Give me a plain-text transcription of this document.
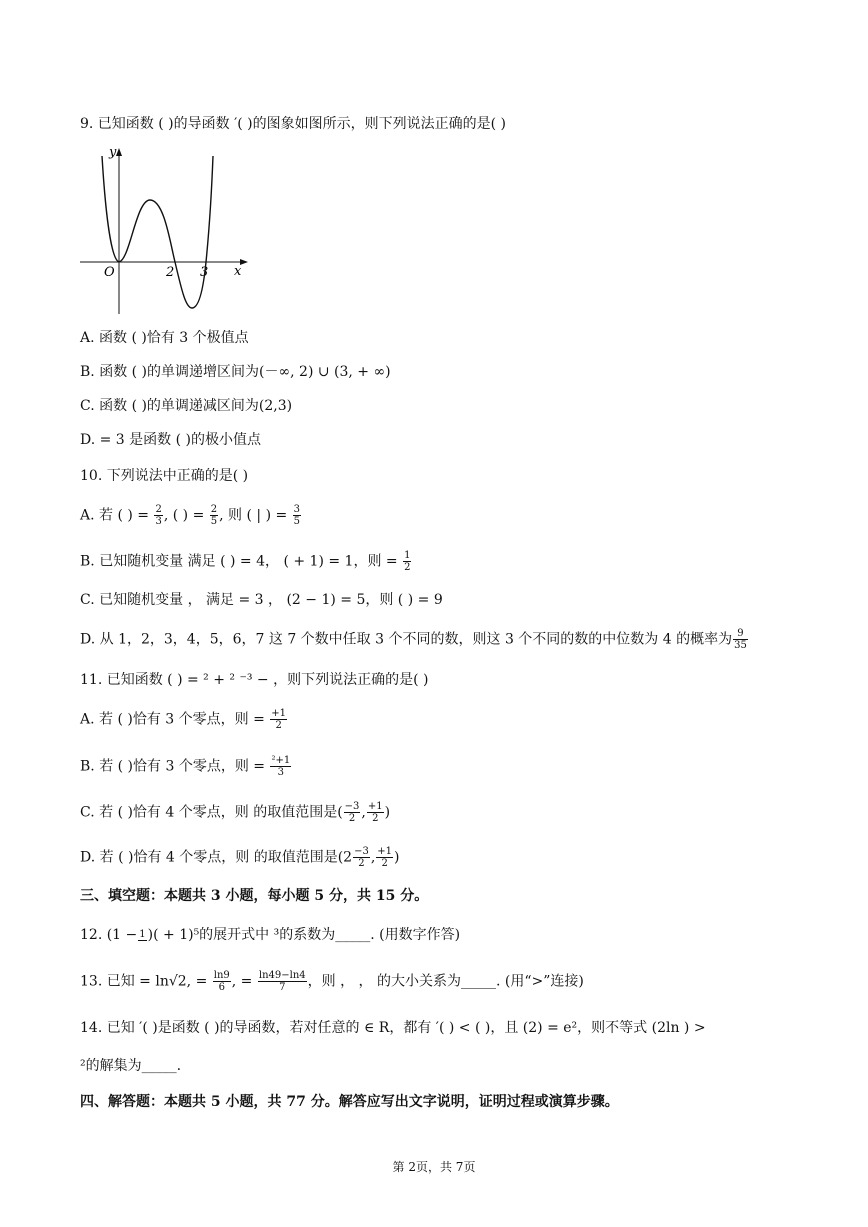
9. 已知函数 ( )的导函数 ′( )的图象如图所示，则下列说法正确的是( )
y
x
O	2 3
A. 函数 ( )恰有 3 个极值点
B. 函数 ( )的单调递增区间为(－∞, 2) ∪ (3, + ∞)
C. 函数 ( )的单调递减区间为(2,3)
D. = 3 是函数 ( )的极小值点
10. 下列说法中正确的是( )
A. 若 ( ) = $\frac{2}{3}$ , ( ) = $\frac{2}{5}$ , 则 ( | ) = $\frac{3}{5}$
B. 已知随机变量 满足 ( ) = 4， ( + 1) = 1，则 = $\frac{1}{2}$
C. 已知随机变量 ， 满足 = 3 ， (2 − 1) = 5，则 ( ) = 9
D. 从 1，2，3，4，5，6，7 这 7 个数中任取 3 个不同的数，则这 3 个不同的数的中位数为 4 的概率为 $\frac{9}{35}$
11. 已知函数 ( ) = ² + ² ⁻³ − ，则下列说法正确的是( )
A. 若 ( )恰有 3 个零点，则 = $\frac{+1}{2}$
B. 若 ( )恰有 3 个零点，则 = $\frac{\text{²+1}}{3}$
C. 若 ( )恰有 4 个零点，则 的取值范围是( $\frac{-3}{2}$ , $\frac{+1}{2}$ )
D. 若 ( )恰有 4 个零点，则 的取值范围是($2 \frac{-3}{2}$ , $\frac{+1}{2}$ )
三、填空题：本题共 3 小题，每小题 5 分，共 15 分。
12. (1 − 1 )( + 1)⁵的展开式中 ³的系数为_____. (用数字作答)
13. 已知 = ln√2, = $\frac{\ln 9}{6}$ , = $\frac{\ln 49-\ln 4}{7}$ ，则 ， ， 的大小关系为_____. (用“>”连接)
14. 已知 ′( )是函数 ( )的导函数，若对任意的 ∈ R，都有 ′( ) < ( )，且 (2) = e²，则不等式 (2ln ) >
²的解集为_____.
四、解答题：本题共 5 小题，共 77 分。解答应写出文字说明，证明过程或演算步骤。
第 2页，共 7页
